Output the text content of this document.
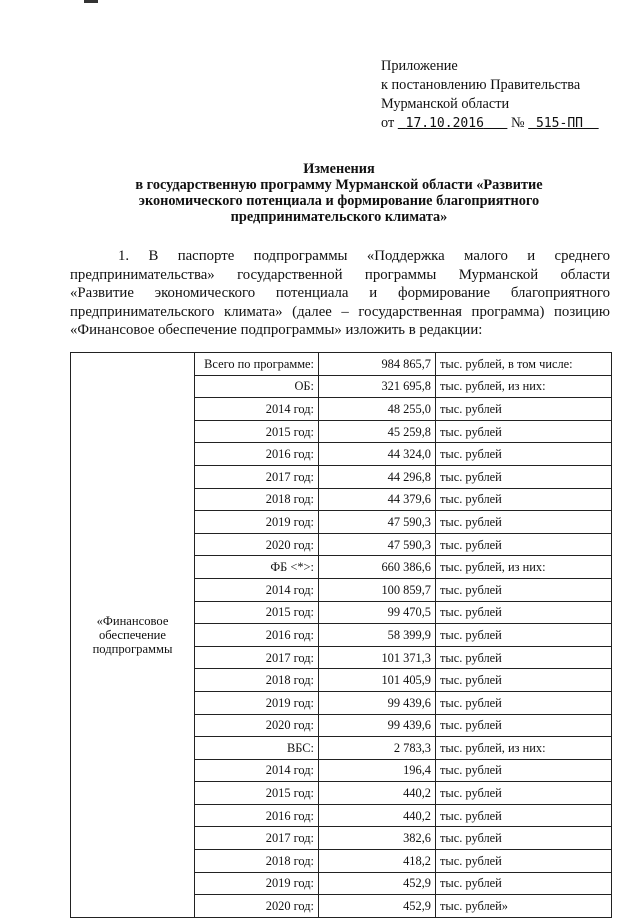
Приложение
к постановлению Правительства
Мурманской области
от 17.10.2016 № 515-ПП
Изменения
в государственную программу Мурманской области «Развитие
экономического потенциала и формирование благоприятного
предпринимательского климата»
1. В паспорте подпрограммы «Поддержка малого и среднего
предпринимательства» государственной программы Мурманской области
«Развитие экономического потенциала и формирование благоприятного
предпринимательского климата» (далее – государственная программа) позицию
«Финансовое обеспечение подпрограммы» изложить в редакции:
«Финансовое обеспечение подпрограммы	Всего по программе:	984 865,7	тыс. рублей, в том числе:
	ОБ:	321 695,8	тыс. рублей, из них:
	2014 год:	48 255,0	тыс. рублей
	2015 год:	45 259,8	тыс. рублей
	2016 год:	44 324,0	тыс. рублей
	2017 год:	44 296,8	тыс. рублей
	2018 год:	44 379,6	тыс. рублей
	2019 год:	47 590,3	тыс. рублей
	2020 год:	47 590,3	тыс. рублей
	ФБ <*>:	660 386,6	тыс. рублей, из них:
	2014 год:	100 859,7	тыс. рублей
	2015 год:	99 470,5	тыс. рублей
	2016 год:	58 399,9	тыс. рублей
	2017 год:	101 371,3	тыс. рублей
	2018 год:	101 405,9	тыс. рублей
	2019 год:	99 439,6	тыс. рублей
	2020 год:	99 439,6	тыс. рублей
	ВБС:	2 783,3	тыс. рублей, из них:
	2014 год:	196,4	тыс. рублей
	2015 год:	440,2	тыс. рублей
	2016 год:	440,2	тыс. рублей
	2017 год:	382,6	тыс. рублей
	2018 год:	418,2	тыс. рублей
	2019 год:	452,9	тыс. рублей
	2020 год:	452,9	тыс. рублей»
